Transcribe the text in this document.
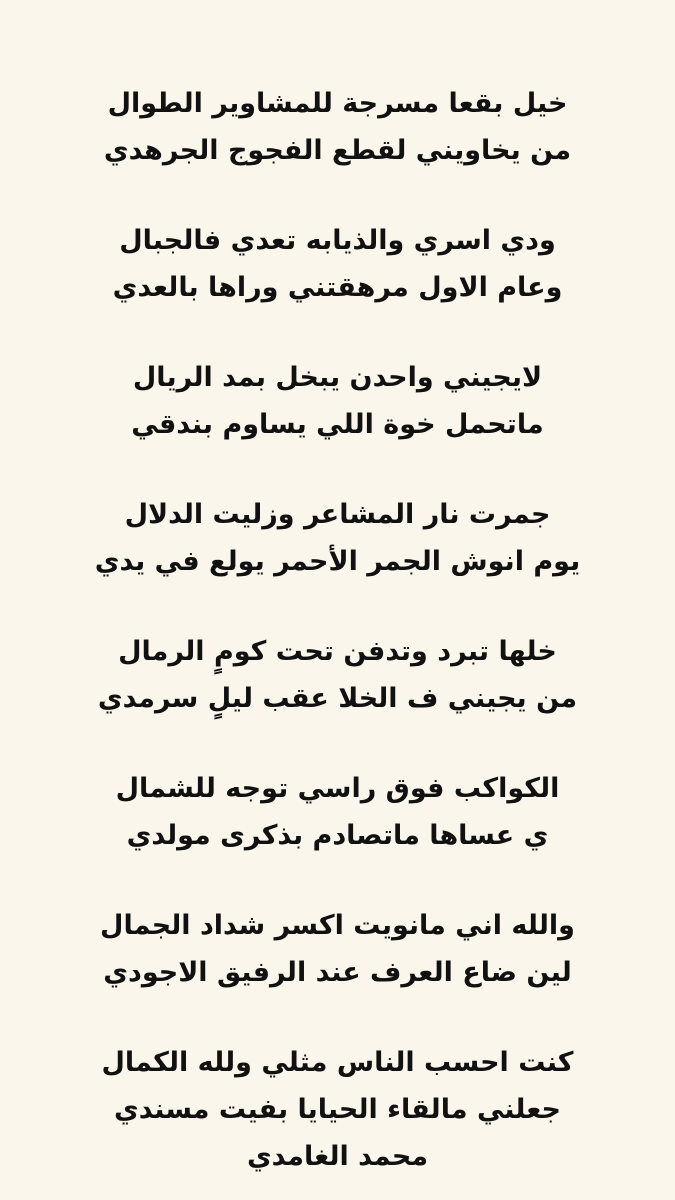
خيل بقعا مسرجة للمشاوير الطوال
من يخاويني لقطع الفجوج الجرهدي
ودي اسري والذيابه تعدي فالجبال
وعام الاول مرهقتني وراها بالعدي
لايجيني واحدن يبخل بمد الريال
ماتحمل خوة اللي يساوم بندقي
جمرت نار المشاعر وزليت الدلال
يوم انوش الجمر الأحمر يولع في يدي
خلها تبرد وتدفن تحت كومٍ الرمال
من يجيني ف الخلا عقب ليلٍ سرمدي
الكواكب فوق راسي توجه للشمال
ي عساها ماتصادم بذكرى مولدي
والله اني مانويت اكسر شداد الجمال
لين ضاع العرف عند الرفيق الاجودي
كنت احسب الناس مثلي ولله الكمال
جعلني مالقاء الحيايا بفيت مسندي
محمد الغامدي
